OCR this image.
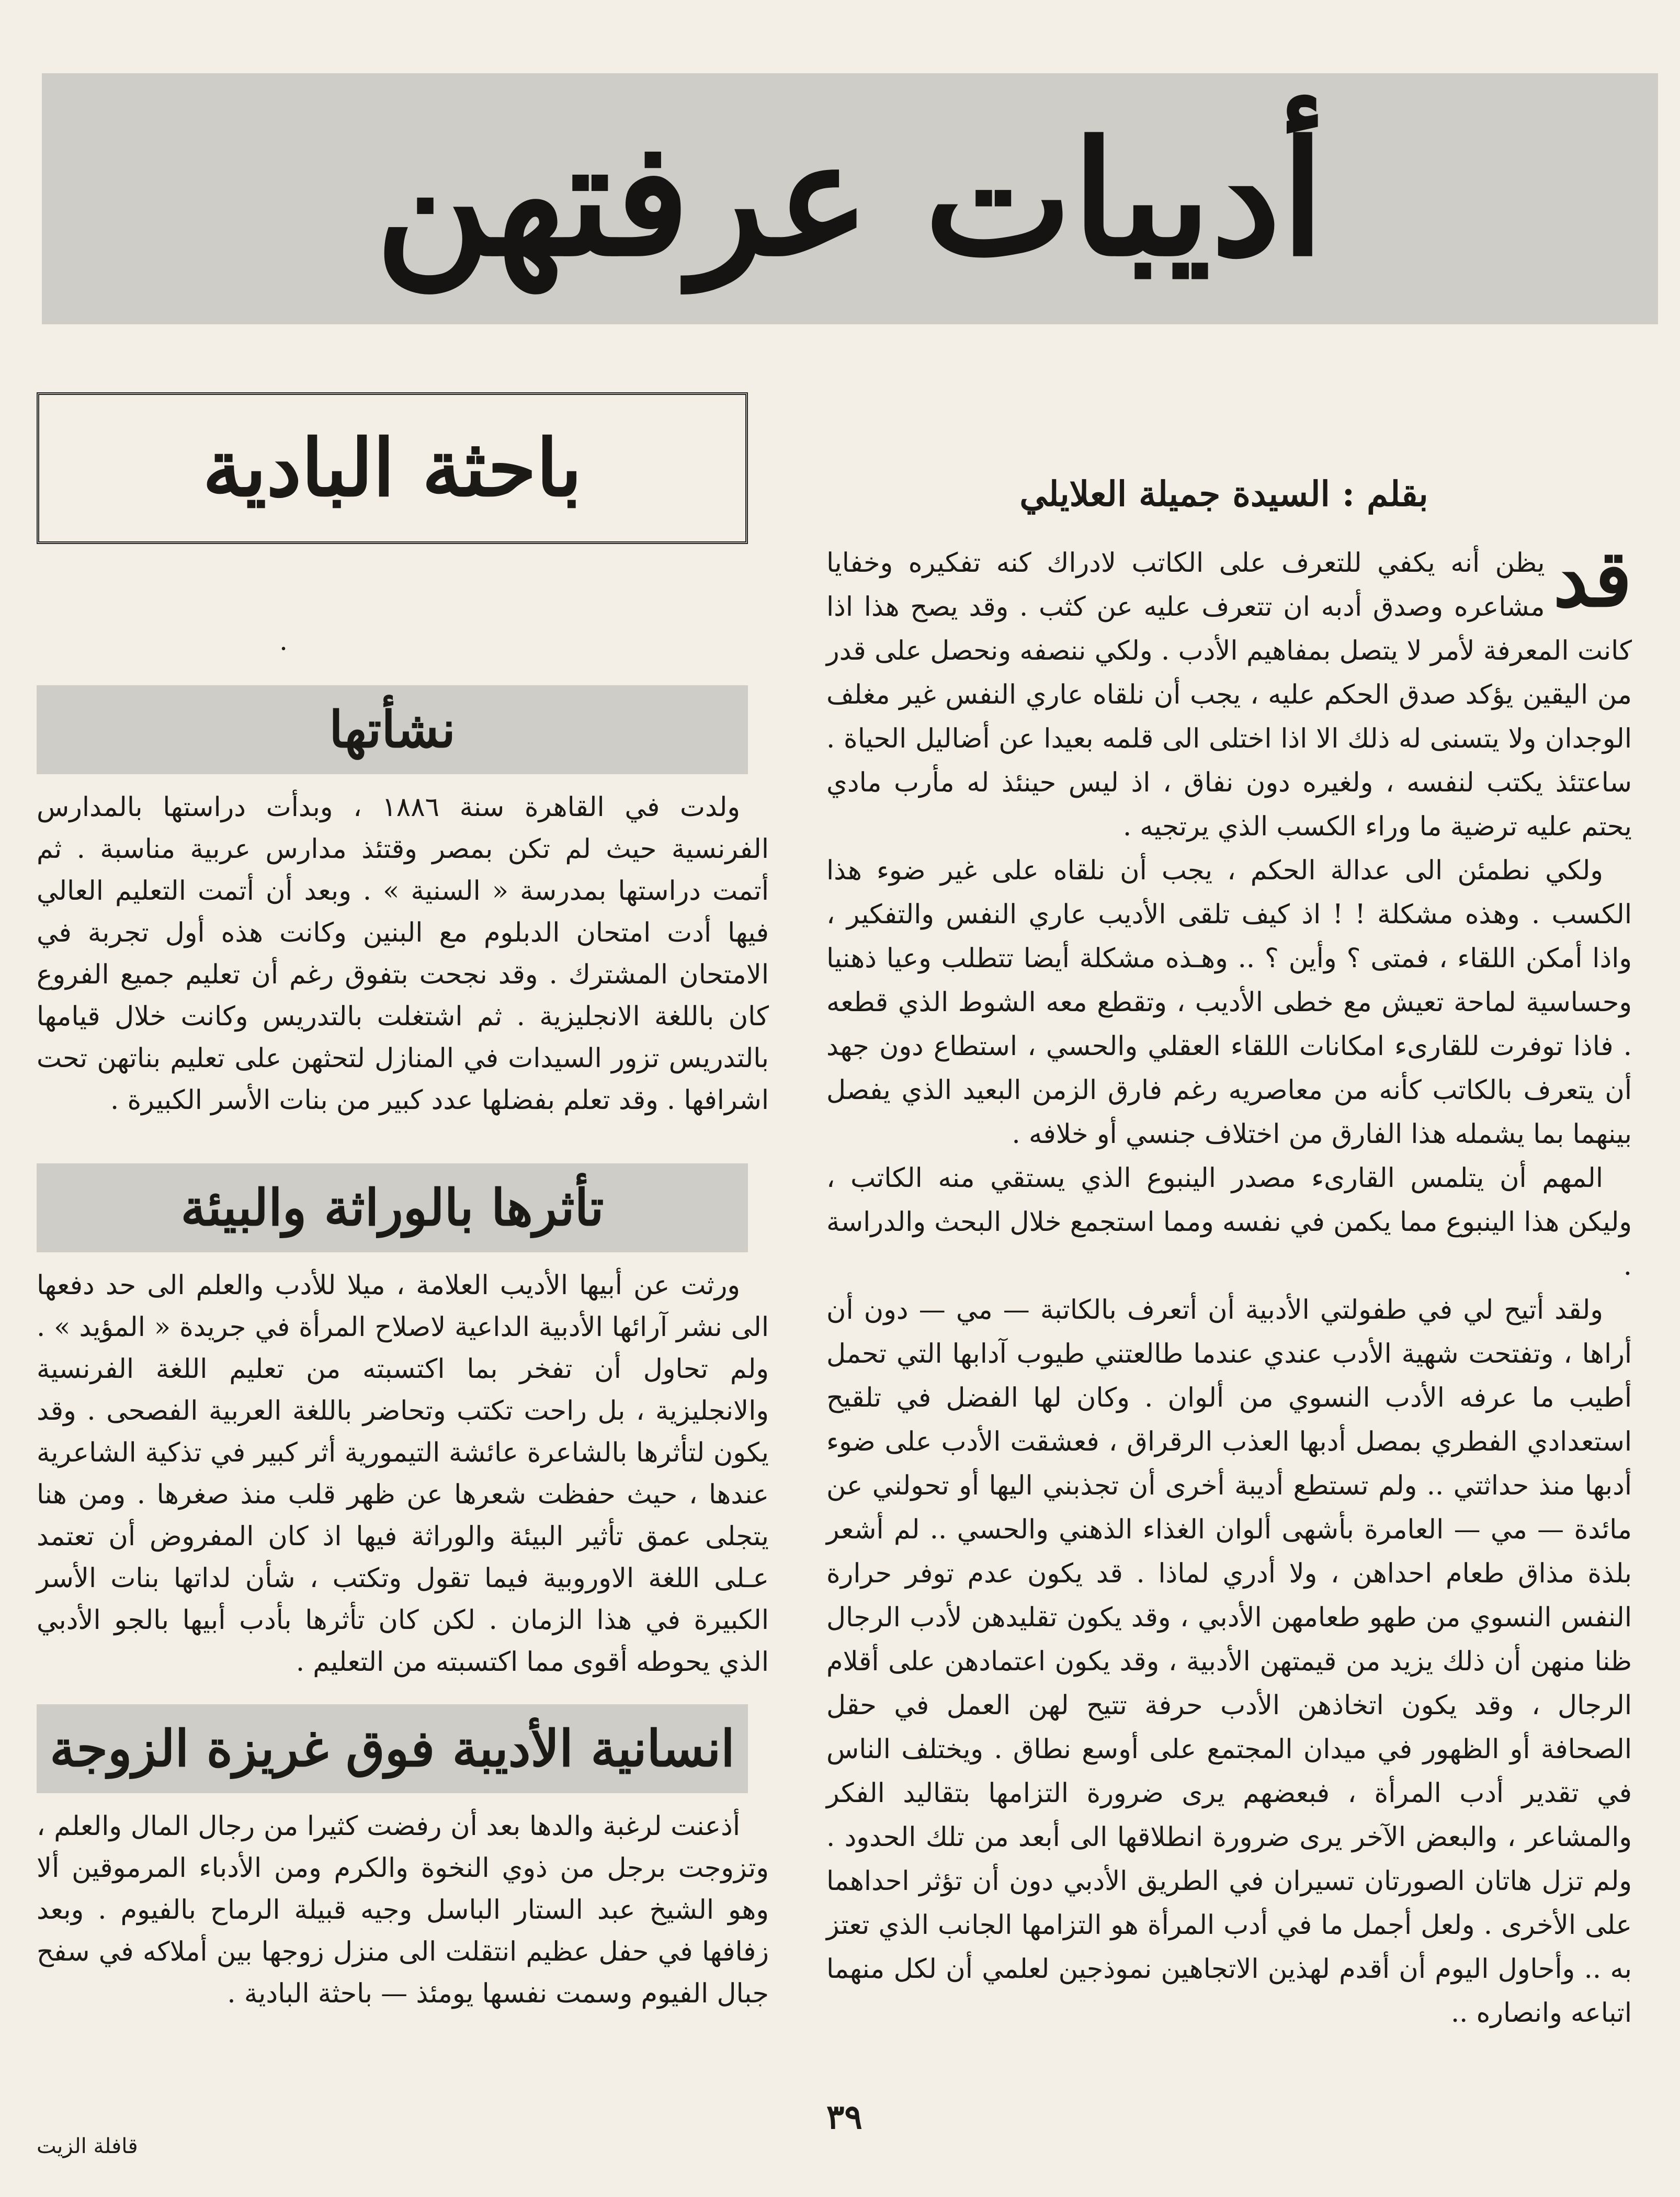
أديبات عرفتهن
بقلم : السيدة جميلة العلايلي

قد
يظن أنه يكفي للتعرف على الكاتب لادراك كنه تفكيره وخفايا مشاعره وصدق أدبه ان تتعرف عليه عن كثب . وقد يصح هذا اذا كانت المعرفة لأمر لا يتصل بمفاهيم الأدب . ولكي ننصفه ونحصل على قدر من اليقين يؤكد صدق الحكم عليه ، يجب أن نلقاه عاري النفس غير مغلف الوجدان ولا يتسنى له ذلك الا اذا اختلى الى قلمه بعيدا عن أضاليل الحياة . ساعتئذ يكتب لنفسه ، ولغيره دون نفاق ، اذ ليس حينئذ له مأرب مادي يحتم عليه ترضية ما وراء الكسب الذي يرتجيه .

ولكي نطمئن الى عدالة الحكم ، يجب أن نلقاه على غير ضوء هذا الكسب . وهذه مشكلة ! ! اذ كيف تلقى الأديب عاري النفس والتفكير ، واذا أمكن اللقاء ، فمتى ؟ وأين ؟ .. وهـذه مشكلة أيضا تتطلب وعيا ذهنيا وحساسية لماحة تعيش مع خطى الأديب ، وتقطع معه الشوط الذي قطعه . فاذا توفرت للقارىء امكانات اللقاء العقلي والحسي ، استطاع دون جهد أن يتعرف بالكاتب كأنه من معاصريه رغم فارق الزمن البعيد الذي يفصل بينهما بما يشمله هذا الفارق من اختلاف جنسي أو خلافه .

المهم أن يتلمس القارىء مصدر الينبوع الذي يستقي منه الكاتب ، وليكن هذا الينبوع مما يكمن في نفسه ومما استجمع خلال البحث والدراسة .

ولقد أتيح لي في طفولتي الأدبية أن أتعرف بالكاتبة — مي — دون أن أراها ، وتفتحت شهية الأدب عندي عندما طالعتني طيوب آدابها التي تحمل أطيب ما عرفه الأدب النسوي من ألوان . وكان لها الفضل في تلقيح استعدادي الفطري بمصل أدبها العذب الرقراق ، فعشقت الأدب على ضوء أدبها منذ حداثتي .. ولم تستطع أديبة أخرى أن تجذبني اليها أو تحولني عن مائدة — مي — العامرة بأشهى ألوان الغذاء الذهني والحسي .. لم أشعر بلذة مذاق طعام احداهن ، ولا أدري لماذا . قد يكون عدم توفر حرارة النفس النسوي من طهو طعامهن الأدبي ، وقد يكون تقليدهن لأدب الرجال ظنا منهن أن ذلك يزيد من قيمتهن الأدبية ، وقد يكون اعتمادهن على أقلام الرجال ، وقد يكون اتخاذهن الأدب حرفة تتيح لهن العمل في حقل الصحافة أو الظهور في ميدان المجتمع على أوسع نطاق . ويختلف الناس في تقدير أدب المرأة ، فبعضهم يرى ضرورة التزامها بتقاليد الفكر والمشاعر ، والبعض الآخر يرى ضرورة انطلاقها الى أبعد من تلك الحدود . ولم تزل هاتان الصورتان تسيران في الطريق الأدبي دون أن تؤثر احداهما على الأخرى . ولعل أجمل ما في أدب المرأة هو التزامها الجانب الذي تعتز به .. وأحاول اليوم أن أقدم لهذين الاتجاهين نموذجين لعلمي أن لكل منهما اتباعه وانصاره ..

٣٩
باحثة البادية
·
نشأتها

ولدت في القاهرة سنة ١٨٨٦ ، وبدأت دراستها بالمدارس الفرنسية حيث لم تكن بمصر وقتئذ مدارس عربية مناسبة . ثم أتمت دراستها بمدرسة « السنية » . وبعد أن أتمت التعليم العالي فيها أدت امتحان الدبلوم مع البنين وكانت هذه أول تجربة في الامتحان المشترك . وقد نجحت بتفوق رغم أن تعليم جميع الفروع كان باللغة الانجليزية . ثم اشتغلت بالتدريس وكانت خلال قيامها بالتدريس تزور السيدات في المنازل لتحثهن على تعليم بناتهن تحت اشرافها . وقد تعلم بفضلها عدد كبير من بنات الأسر الكبيرة .

تأثرها بالوراثة والبيئة

ورثت عن أبيها الأديب العلامة ، ميلا للأدب والعلم الى حد دفعها الى نشر آرائها الأدبية الداعية لاصلاح المرأة في جريدة « المؤيد » . ولم تحاول أن تفخر بما اكتسبته من تعليم اللغة الفرنسية والانجليزية ، بل راحت تكتب وتحاضر باللغة العربية الفصحى . وقد يكون لتأثرها بالشاعرة عائشة التيمورية أثر كبير في تذكية الشاعرية عندها ، حيث حفظت شعرها عن ظهر قلب منذ صغرها . ومن هنا يتجلى عمق تأثير البيئة والوراثة فيها اذ كان المفروض أن تعتمد عـلى اللغة الاوروبية فيما تقول وتكتب ، شأن لداتها بنات الأسر الكبيرة في هذا الزمان . لكن كان تأثرها بأدب أبيها بالجو الأدبي الذي يحوطه أقوى مما اكتسبته من التعليم .

انسانية الأديبة فوق غريزة الزوجة

أذعنت لرغبة والدها بعد أن رفضت كثيرا من رجال المال والعلم ، وتزوجت برجل من ذوي النخوة والكرم ومن الأدباء المرموقين ألا وهو الشيخ عبد الستار الباسل وجيه قبيلة الرماح بالفيوم . وبعد زفافها في حفل عظيم انتقلت الى منزل زوجها بين أملاكه في سفح جبال الفيوم وسمت نفسها يومئذ — باحثة البادية .

قافلة الزيت
